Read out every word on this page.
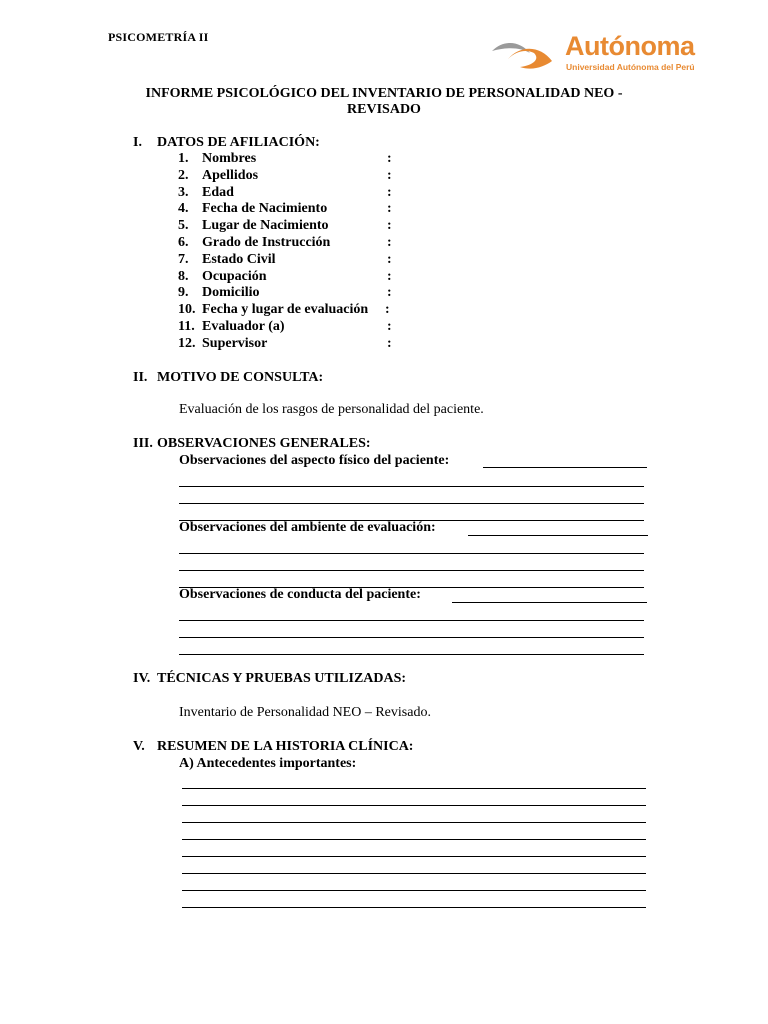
PSICOMETRÍA II	Autónoma
Universidad Autónoma del Perú
INFORME PSICOLÓGICO DEL INVENTARIO DE PERSONALIDAD NEO - REVISADO
I. DATOS DE AFILIACIÓN:
1. Nombres	:
2. Apellidos	:
3. Edad	:
4. Fecha de Nacimiento	:
5. Lugar de Nacimiento	:
6. Grado de Instrucción	:
7. Estado Civil	:
8. Ocupación	:
9. Domicilio	:
10. Fecha y lugar de evaluación :
11. Evaluador (a)	:
12. Supervisor	:
II. MOTIVO DE CONSULTA:
Evaluación de los rasgos de personalidad del paciente.
III. OBSERVACIONES GENERALES:
Observaciones del aspecto físico del paciente:
Observaciones del ambiente de evaluación:
Observaciones de conducta del paciente:
IV. TÉCNICAS Y PRUEBAS UTILIZADAS:
Inventario de Personalidad NEO – Revisado.
V. RESUMEN DE LA HISTORIA CLÍNICA:
A) Antecedentes importantes:
